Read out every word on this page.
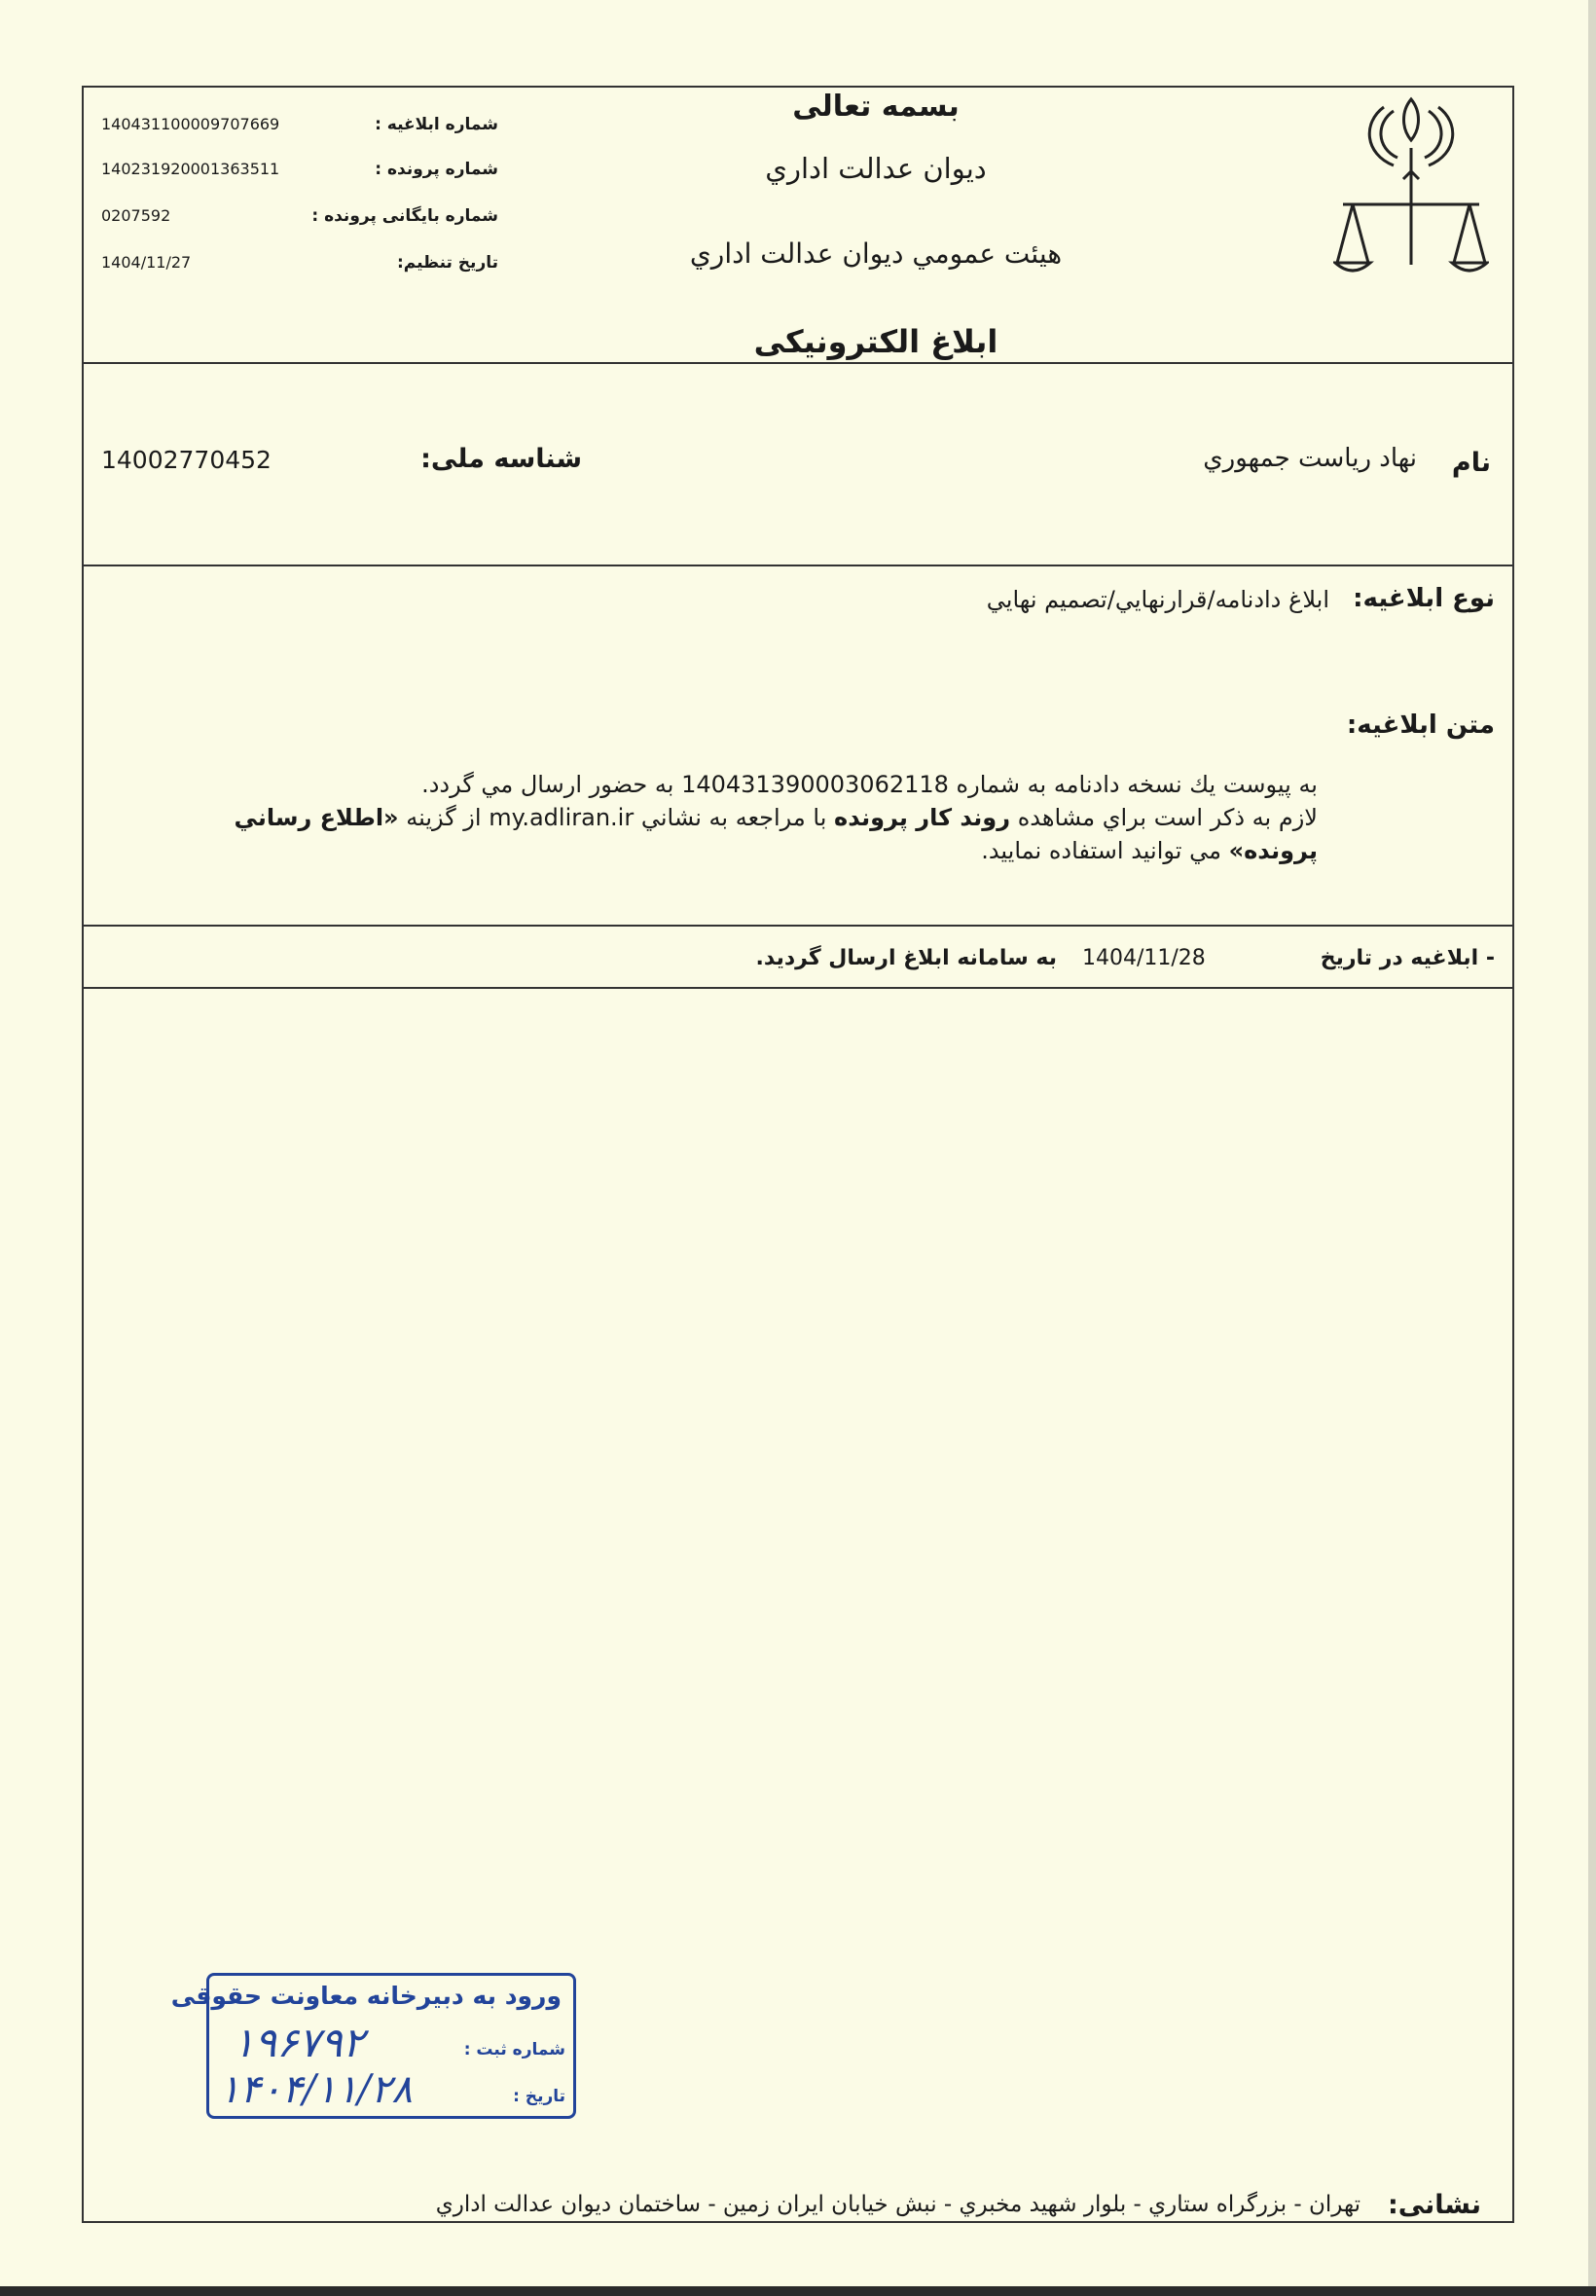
بسمه تعالی
ديوان عدالت اداري
هيئت عمومي ديوان عدالت اداري
ابلاغ الکترونیکی
شماره ابلاغیه :
140431100009707669
شماره پرونده :
140231920001363511
شماره بایگانی پرونده :
0207592
تاریخ تنظیم:
1404/11/27
نام
نهاد رياست جمهوري
شناسه ملی:
14002770452
نوع ابلاغیه:
ابلاغ دادنامه/قرارنهايي/تصميم نهايي
متن ابلاغیه:
به پيوست يك نسخه دادنامه به شماره 140431390003062118 به حضور ارسال مي گردد.
لازم به ذكر است براي مشاهده روند كار پرونده با مراجعه به نشاني my.adliran.ir از گزينه «اطلاع رساني
پرونده» مي توانيد استفاده نماييد.
- ابلاغیه در تاریخ
1404/11/28
به سامانه ابلاغ ارسال گرديد.
ورود به دبیرخانه معاونت حقوقی
شماره ثبت :
۱۹۶۷۹۲
تاریخ :
۱۴۰۴/۱۱/۲۸
نشانی:
تهران - بزرگراه ستاري - بلوار شهيد مخبري - نبش خيابان ايران زمين - ساختمان ديوان عدالت اداري
